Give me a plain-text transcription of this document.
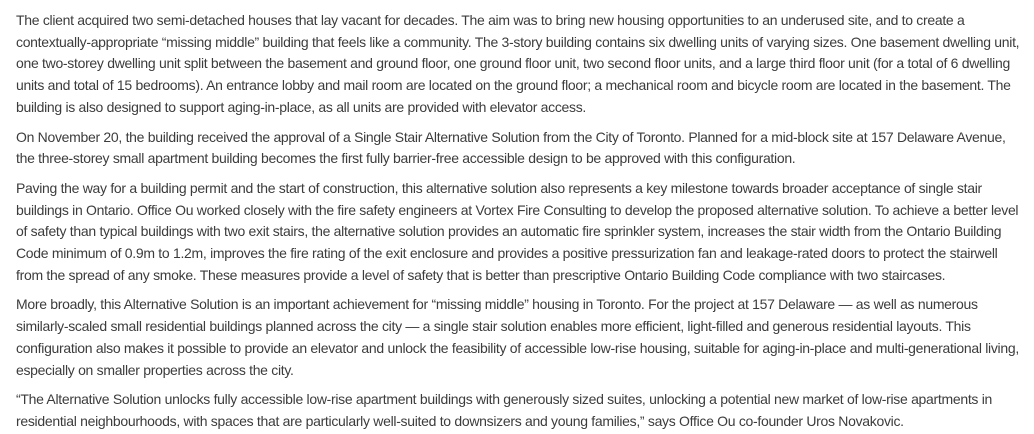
The client acquired two semi-detached houses that lay vacant for decades. The aim was to bring new housing opportunities to an underused site, and to create a contextually-appropriate “missing middle” building that feels like a community. The 3-story building contains six dwelling units of varying sizes. One basement dwelling unit, one two-storey dwelling unit split between the basement and ground floor, one ground floor unit, two second floor units, and a large third floor unit (for a total of 6 dwelling units and total of 15 bedrooms). An entrance lobby and mail room are located on the ground floor; a mechanical room and bicycle room are located in the basement. The building is also designed to support aging-in-place, as all units are provided with elevator access.

On November 20, the building received the approval of a Single Stair Alternative Solution from the City of Toronto. Planned for a mid-block site at 157 Delaware Avenue, the three-storey small apartment building becomes the first fully barrier-free accessible design to be approved with this configuration.

Paving the way for a building permit and the start of construction, this alternative solution also represents a key milestone towards broader acceptance of single stair buildings in Ontario. Office Ou worked closely with the fire safety engineers at Vortex Fire Consulting to develop the proposed alternative solution. To achieve a better level of safety than typical buildings with two exit stairs, the alternative solution provides an automatic fire sprinkler system, increases the stair width from the Ontario Building Code minimum of 0.9m to 1.2m, improves the fire rating of the exit enclosure and provides a positive pressurization fan and leakage-rated doors to protect the stairwell from the spread of any smoke. These measures provide a level of safety that is better than prescriptive Ontario Building Code compliance with two staircases.

More broadly, this Alternative Solution is an important achievement for “missing middle” housing in Toronto. For the project at 157 Delaware — as well as numerous similarly-scaled small residential buildings planned across the city — a single stair solution enables more efficient, light-filled and generous residential layouts. This configuration also makes it possible to provide an elevator and unlock the feasibility of accessible low-rise housing, suitable for aging-in-place and multi-generational living, especially on smaller properties across the city.

“The Alternative Solution unlocks fully accessible low-rise apartment buildings with generously sized suites, unlocking a potential new market of low-rise apartments in residential neighbourhoods, with spaces that are particularly well-suited to downsizers and young families,” says Office Ou co-founder Uros Novakovic.
